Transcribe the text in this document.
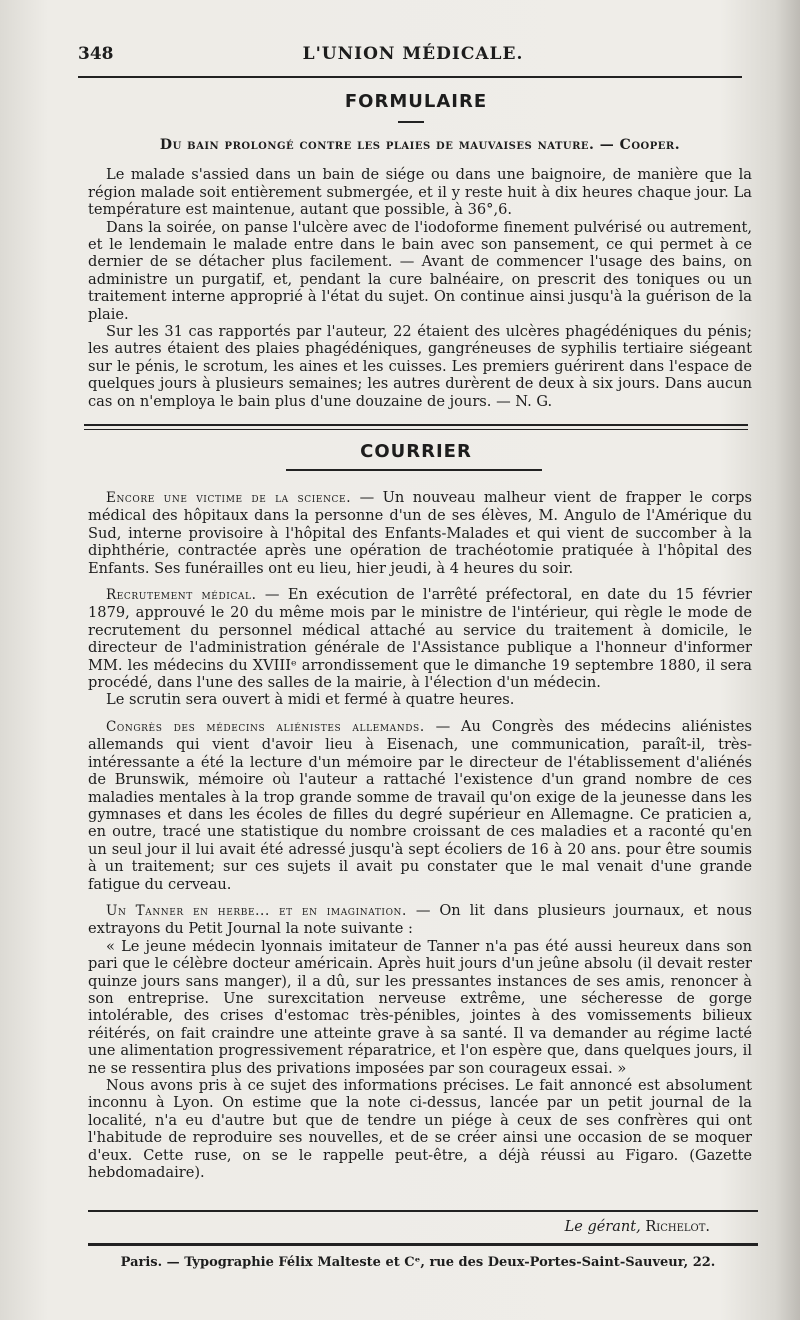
348	L'UNION MÉDICALE.
FORMULAIRE
Du bain prolongé contre les plaies de mauvaises nature. — Cooper.

Le malade s'assied dans un bain de siége ou dans une baignoire, de manière que la région malade soit entièrement submergée, et il y reste huit à dix heures chaque jour. La température est maintenue, autant que possible, à 36°,6.

Dans la soirée, on panse l'ulcère avec de l'iodoforme finement pulvérisé ou autrement, et le lendemain le malade entre dans le bain avec son pansement, ce qui permet à ce dernier de se détacher plus facilement. — Avant de commencer l'usage des bains, on administre un purgatif, et, pendant la cure balnéaire, on prescrit des toniques ou un traitement interne approprié à l'état du sujet. On continue ainsi jusqu'à la guérison de la plaie.

Sur les 31 cas rapportés par l'auteur, 22 étaient des ulcères phagédéniques du pénis; les autres étaient des plaies phagédéniques, gangréneuses de syphilis tertiaire siégeant sur le pénis, le scrotum, les aines et les cuisses. Les premiers guérirent dans l'espace de quelques jours à plusieurs semaines; les autres durèrent de deux à six jours. Dans aucun cas on n'employa le bain plus d'une douzaine de jours. — N. G.

COURRIER

Encore une victime de la science. — Un nouveau malheur vient de frapper le corps médical des hôpitaux dans la personne d'un de ses élèves, M. Angulo de l'Amérique du Sud, interne provisoire à l'hôpital des Enfants-Malades et qui vient de succomber à la diphthérie, contractée après une opération de trachéotomie pratiquée à l'hôpital des Enfants. Ses funérailles ont eu lieu, hier jeudi, à 4 heures du soir.

Recrutement médical. — En exécution de l'arrêté préfectoral, en date du 15 février 1879, approuvé le 20 du même mois par le ministre de l'intérieur, qui règle le mode de recrutement du personnel médical attaché au service du traitement à domicile, le directeur de l'administration générale de l'Assistance publique a l'honneur d'informer MM. les médecins du XVIIIᵉ arrondissement que le dimanche 19 septembre 1880, il sera procédé, dans l'une des salles de la mairie, à l'élection d'un médecin.

Le scrutin sera ouvert à midi et fermé à quatre heures.

Congrès des médecins aliénistes allemands. — Au Congrès des médecins aliénistes allemands qui vient d'avoir lieu à Eisenach, une communication, paraît-il, très-intéressante a été la lecture d'un mémoire par le directeur de l'établissement d'aliénés de Brunswik, mémoire où l'auteur a rattaché l'existence d'un grand nombre de ces maladies mentales à la trop grande somme de travail qu'on exige de la jeunesse dans les gymnases et dans les écoles de filles du degré supérieur en Allemagne. Ce praticien a, en outre, tracé une statistique du nombre croissant de ces maladies et a raconté qu'en un seul jour il lui avait été adressé jusqu'à sept écoliers de 16 à 20 ans. pour être soumis à un traitement; sur ces sujets il avait pu constater que le mal venait d'une grande fatigue du cerveau.

Un Tanner en herbe... et en imagination. — On lit dans plusieurs journaux, et nous extrayons du Petit Journal la note suivante :

« Le jeune médecin lyonnais imitateur de Tanner n'a pas été aussi heureux dans son pari que le célèbre docteur américain. Après huit jours d'un jeûne absolu (il devait rester quinze jours sans manger), il a dû, sur les pressantes instances de ses amis, renoncer à son entreprise. Une surexcitation nerveuse extrême, une sécheresse de gorge intolérable, des crises d'estomac très-pénibles, jointes à des vomissements bilieux réitérés, on fait craindre une atteinte grave à sa santé. Il va demander au régime lacté une alimentation progressivement réparatrice, et l'on espère que, dans quelques jours, il ne se ressentira plus des privations imposées par son courageux essai. »

Nous avons pris à ce sujet des informations précises. Le fait annoncé est absolument inconnu à Lyon. On estime que la note ci-dessus, lancée par un petit journal de la localité, n'a eu d'autre but que de tendre un piége à ceux de ses confrères qui ont l'habitude de reproduire ses nouvelles, et de se créer ainsi une occasion de se moquer d'eux. Cette ruse, on se le rappelle peut-être, a déjà réussi au Figaro. (Gazette hebdomadaire).

Le gérant, Richelot.
Paris. — Typographie Félix Malteste et Cᵉ, rue des Deux-Portes-Saint-Sauveur, 22.
